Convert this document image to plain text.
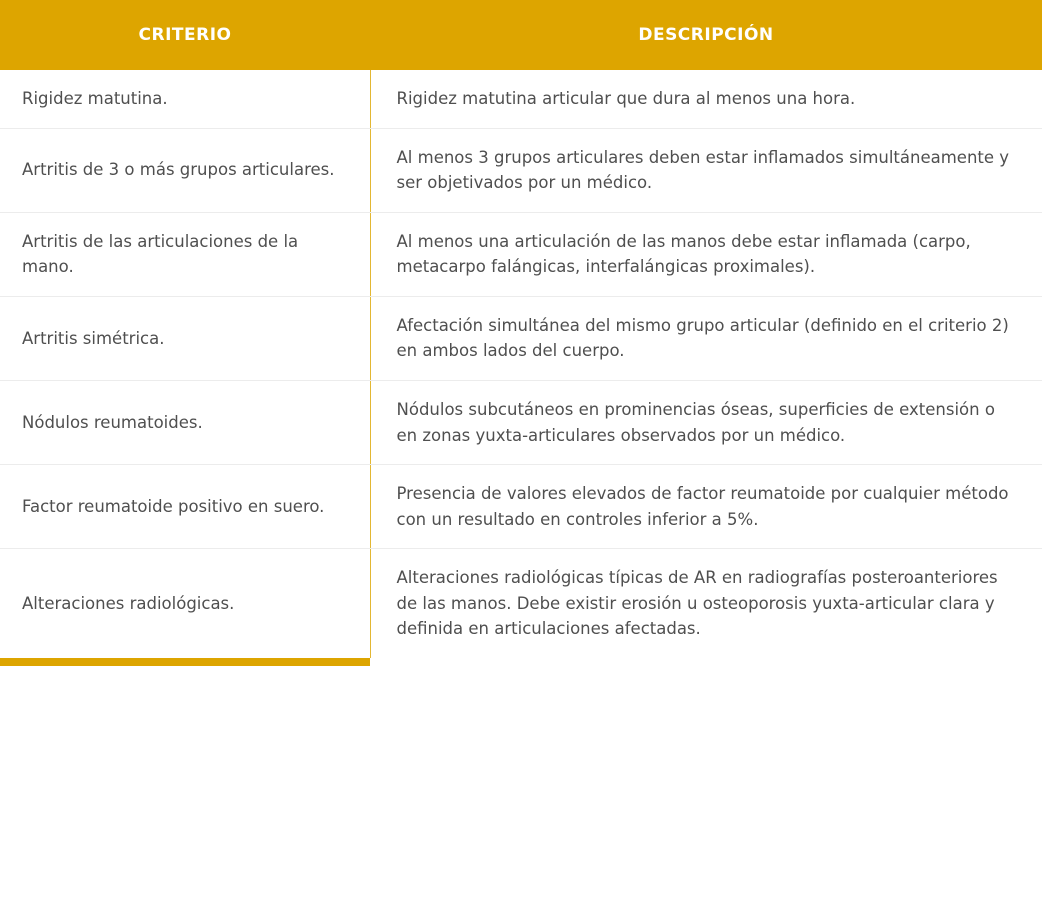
CRITERIO	DESCRIPCIÓN
Rigidez matutina.	Rigidez matutina articular que dura al menos una hora.
Artritis de 3 o más grupos articulares.	Al menos 3 grupos articulares deben estar inflamados simultáneamente y ser objetivados por un médico.
Artritis de las articulaciones de la mano.	Al menos una articulación de las manos debe estar inflamada (carpo, metacarpo falángicas, interfalángicas proximales).
Artritis simétrica.	Afectación simultánea del mismo grupo articular (definido en el criterio 2) en ambos lados del cuerpo.
Nódulos reumatoides.	Nódulos subcutáneos en prominencias óseas, superficies de extensión o en zonas yuxta-articulares observados por un médico.
Factor reumatoide positivo en suero.	Presencia de valores elevados de factor reumatoide por cualquier método con un resultado en controles inferior a 5%.
Alteraciones radiológicas.	Alteraciones radiológicas típicas de AR en radiografías posteroanteriores de las manos. Debe existir erosión u osteoporosis yuxta-articular clara y definida en articulaciones afectadas.
